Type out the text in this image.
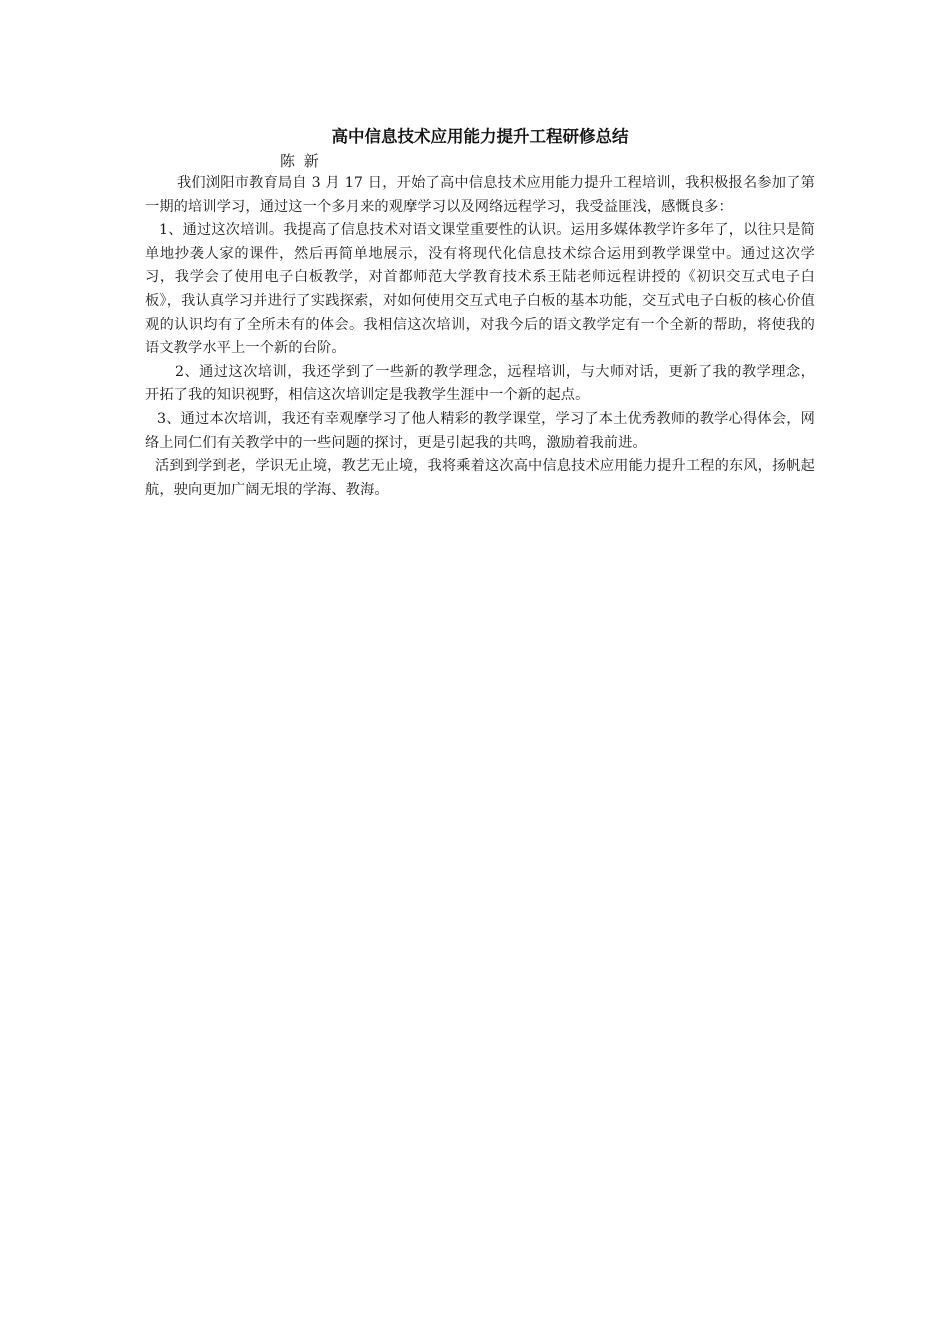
高中信息技术应用能力提升工程研修总结

陈 新

我们浏阳市教育局自 3 月 17 日，开始了高中信息技术应用能力提升工程培训，我积极报名参加了第一期的培训学习，通过这一个多月来的观摩学习以及网络远程学习，我受益匪浅，感慨良多：

1、通过这次培训。我提高了信息技术对语文课堂重要性的认识。运用多媒体教学许多年了，以往只是简单地抄袭人家的课件，然后再简单地展示，没有将现代化信息技术综合运用到教学课堂中。通过这次学习，我学会了使用电子白板教学，对首都师范大学教育技术系王陆老师远程讲授的《初识交互式电子白板》，我认真学习并进行了实践探索，对如何使用交互式电子白板的基本功能，交互式电子白板的核心价值观的认识均有了全所未有的体会。我相信这次培训，对我今后的语文教学定有一个全新的帮助，将使我的语文教学水平上一个新的台阶。

2、通过这次培训，我还学到了一些新的教学理念，远程培训，与大师对话，更新了我的教学理念，开拓了我的知识视野，相信这次培训定是我教学生涯中一个新的起点。

3、通过本次培训，我还有幸观摩学习了他人精彩的教学课堂，学习了本土优秀教师的教学心得体会，网络上同仁们有关教学中的一些问题的探讨，更是引起我的共鸣，激励着我前进。

活到到学到老，学识无止境，教艺无止境，我将乘着这次高中信息技术应用能力提升工程的东风，扬帆起航，驶向更加广阔无垠的学海、教海。
